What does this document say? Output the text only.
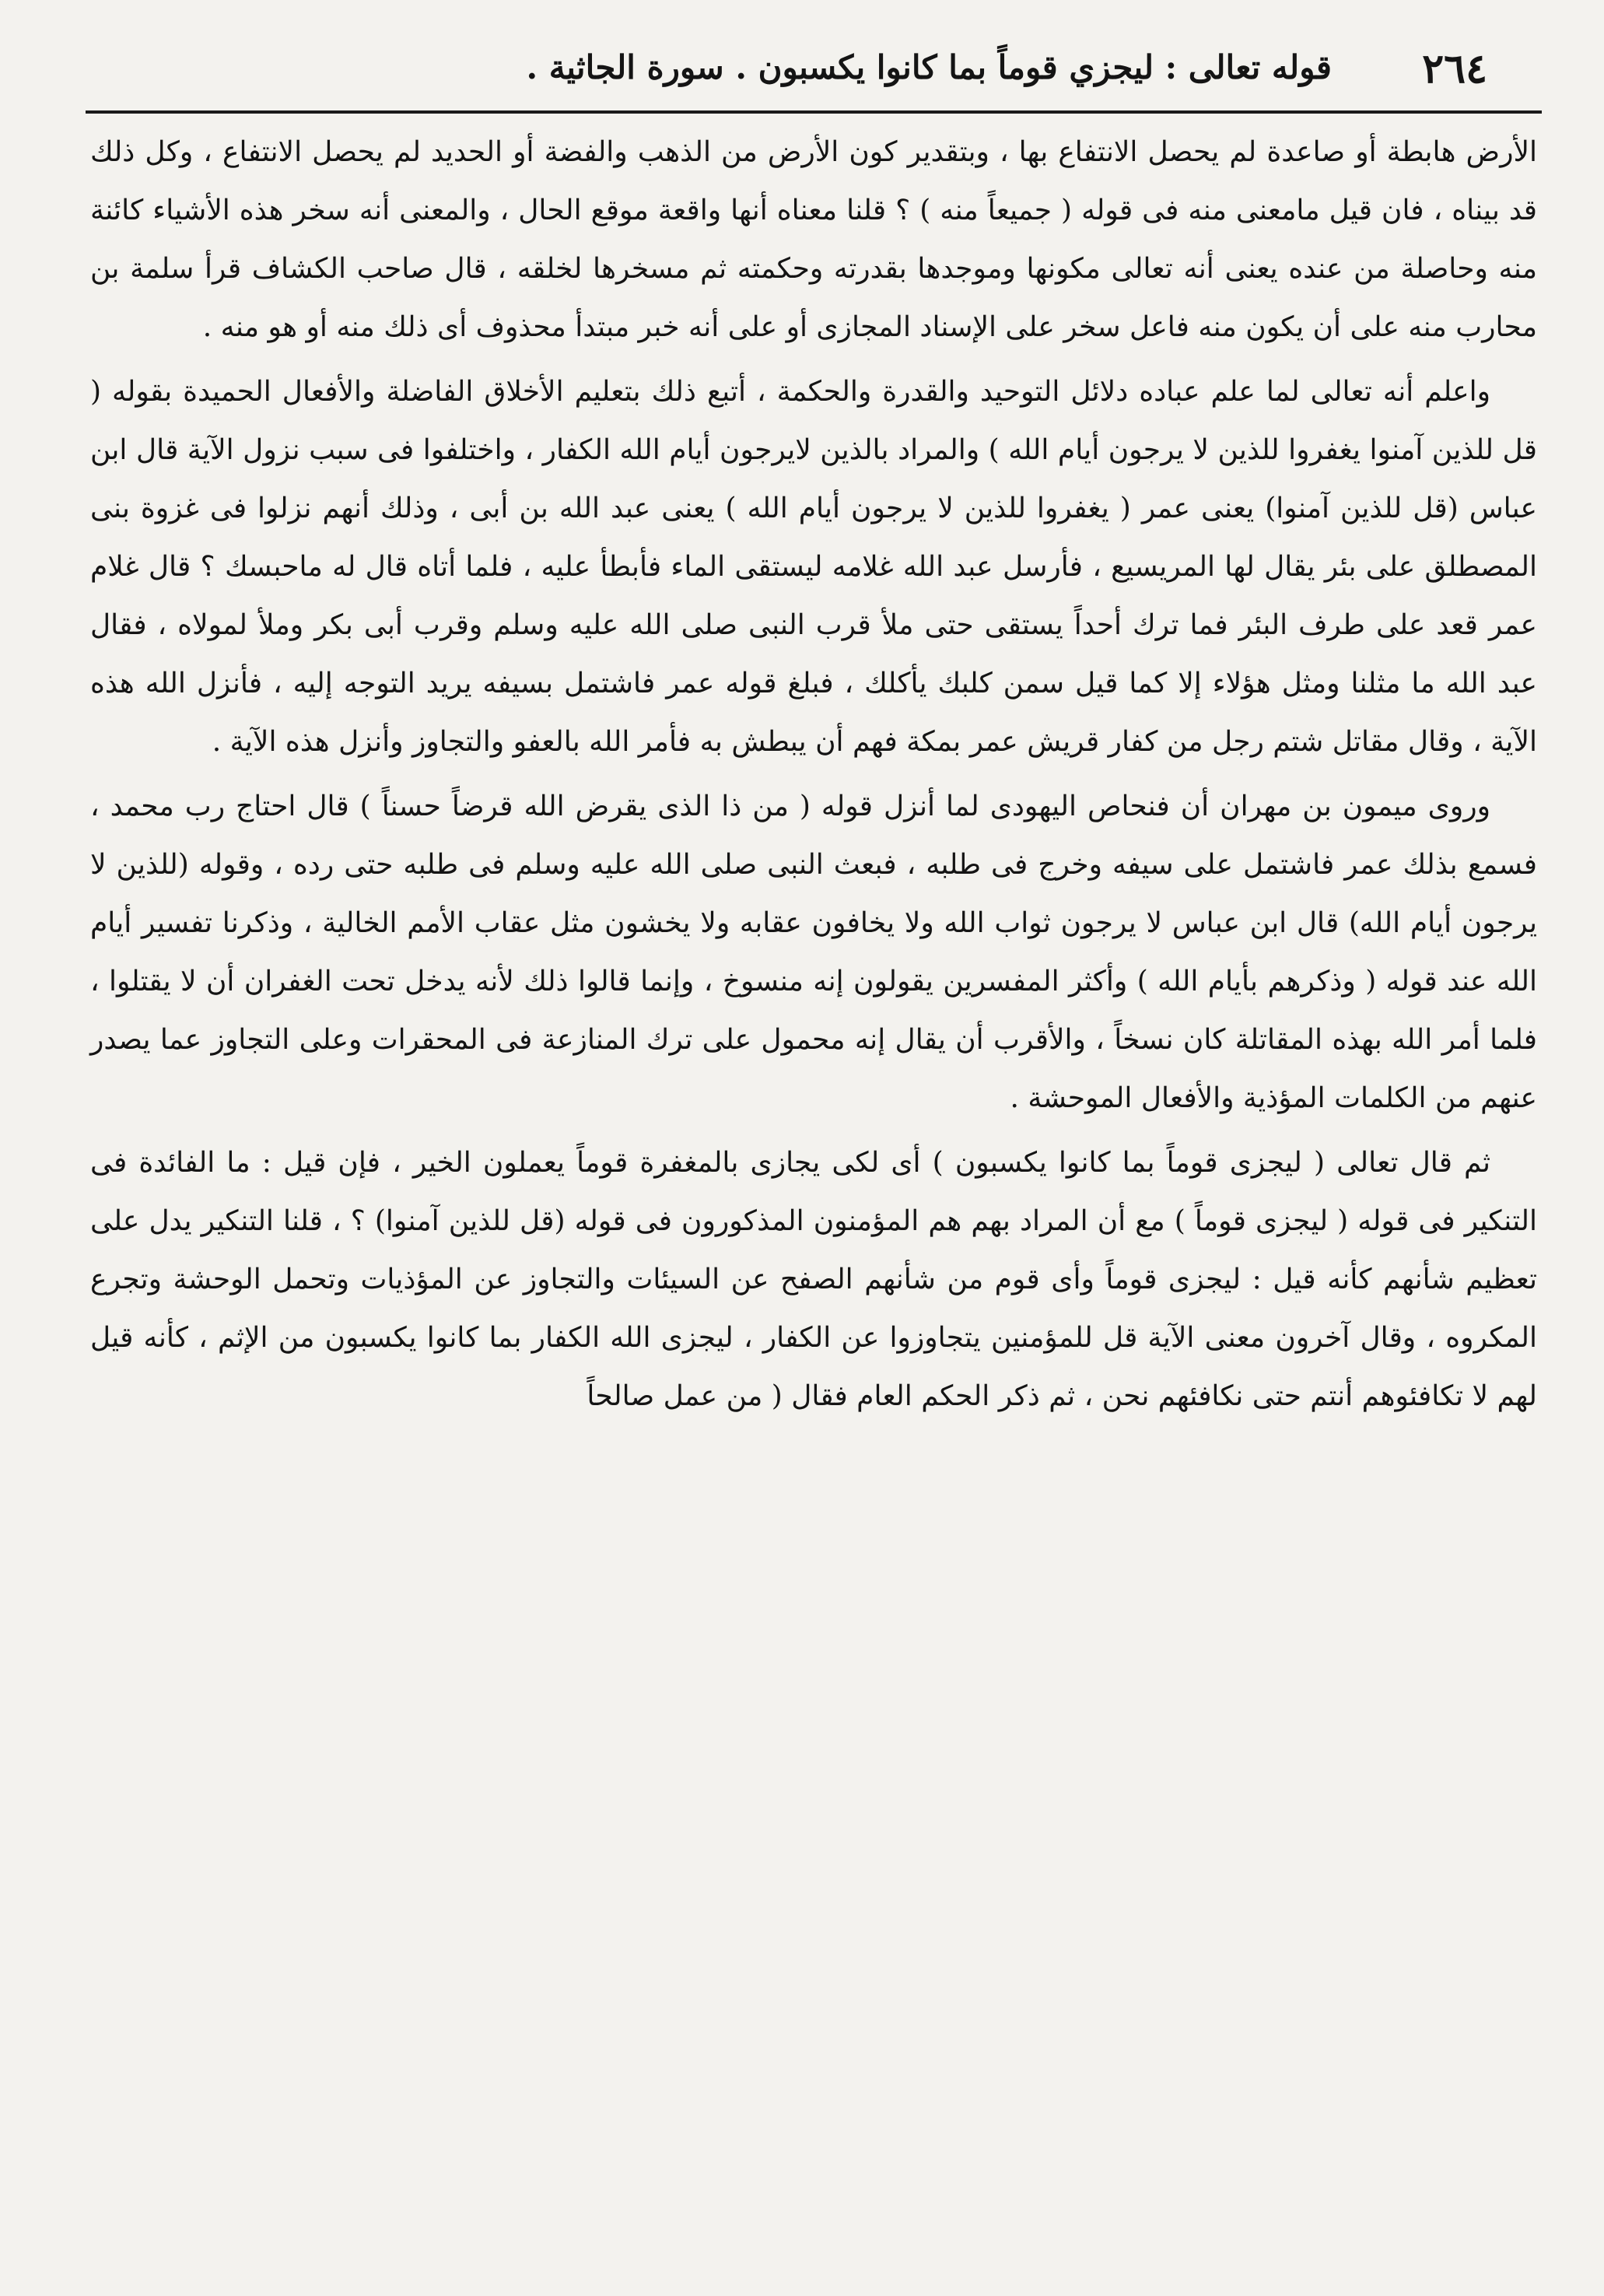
٢٦٤
قوله تعالى : ليجزي قوماً بما كانوا يكسبون . سورة الجاثية .

الأرض هابطة أو صاعدة لم يحصل الانتفاع بها ، وبتقدير كون الأرض من الذهب والفضة أو الحديد لم يحصل الانتفاع ، وكل ذلك قد بيناه ، فان قيل مامعنى منه فى قوله ( جميعاً منه ) ؟ قلنا معناه أنها واقعة موقع الحال ، والمعنى أنه سخر هذه الأشياء كائنة منه وحاصلة من عنده يعنى أنه تعالى مكونها وموجدها بقدرته وحكمته ثم مسخرها لخلقه ، قال صاحب الكشاف قرأ سلمة بن محارب منه على أن يكون منه فاعل سخر على الإسناد المجازى أو على أنه خبر مبتدأ محذوف أى ذلك منه أو هو منه .

واعلم أنه تعالى لما علم عباده دلائل التوحيد والقدرة والحكمة ، أتبع ذلك بتعليم الأخلاق الفاضلة والأفعال الحميدة بقوله ( قل للذين آمنوا يغفروا للذين لا يرجون أيام الله ) والمراد بالذين لايرجون أيام الله الكفار ، واختلفوا فى سبب نزول الآية قال ابن عباس (قل للذين آمنوا) يعنى عمر ( يغفروا للذين لا يرجون أيام الله ) يعنى عبد الله بن أبى ، وذلك أنهم نزلوا فى غزوة بنى المصطلق على بئر يقال لها المريسيع ، فأرسل عبد الله غلامه ليستقى الماء فأبطأ عليه ، فلما أتاه قال له ماحبسك ؟ قال غلام عمر قعد على طرف البئر فما ترك أحداً يستقى حتى ملأ قرب النبى صلى الله عليه وسلم وقرب أبى بكر وملأ لمولاه ، فقال عبد الله ما مثلنا ومثل هؤلاء إلا كما قيل سمن كلبك يأكلك ، فبلغ قوله عمر فاشتمل بسيفه يريد التوجه إليه ، فأنزل الله هذه الآية ، وقال مقاتل شتم رجل من كفار قريش عمر بمكة فهم أن يبطش به فأمر الله بالعفو والتجاوز وأنزل هذه الآية .

وروى ميمون بن مهران أن فنحاص اليهودى لما أنزل قوله ( من ذا الذى يقرض الله قرضاً حسناً ) قال احتاج رب محمد ، فسمع بذلك عمر فاشتمل على سيفه وخرج فى طلبه ، فبعث النبى صلى الله عليه وسلم فى طلبه حتى رده ، وقوله (للذين لا يرجون أيام الله) قال ابن عباس لا يرجون ثواب الله ولا يخافون عقابه ولا يخشون مثل عقاب الأمم الخالية ، وذكرنا تفسير أيام الله عند قوله ( وذكرهم بأيام الله ) وأكثر المفسرين يقولون إنه منسوخ ، وإنما قالوا ذلك لأنه يدخل تحت الغفران أن لا يقتلوا ، فلما أمر الله بهذه المقاتلة كان نسخاً ، والأقرب أن يقال إنه محمول على ترك المنازعة فى المحقرات وعلى التجاوز عما يصدر عنهم من الكلمات المؤذية والأفعال الموحشة .

ثم قال تعالى ( ليجزى قوماً بما كانوا يكسبون ) أى لكى يجازى بالمغفرة قوماً يعملون الخير ، فإن قيل : ما الفائدة فى التنكير فى قوله ( ليجزى قوماً ) مع أن المراد بهم هم المؤمنون المذكورون فى قوله (قل للذين آمنوا) ؟ ، قلنا التنكير يدل على تعظيم شأنهم كأنه قيل : ليجزى قوماً وأى قوم من شأنهم الصفح عن السيئات والتجاوز عن المؤذيات وتحمل الوحشة وتجرع المكروه ، وقال آخرون معنى الآية قل للمؤمنين يتجاوزوا عن الكفار ، ليجزى الله الكفار بما كانوا يكسبون من الإثم ، كأنه قيل لهم لا تكافئوهم أنتم حتى نكافئهم نحن ، ثم ذكر الحكم العام فقال ( من عمل صالحاً
